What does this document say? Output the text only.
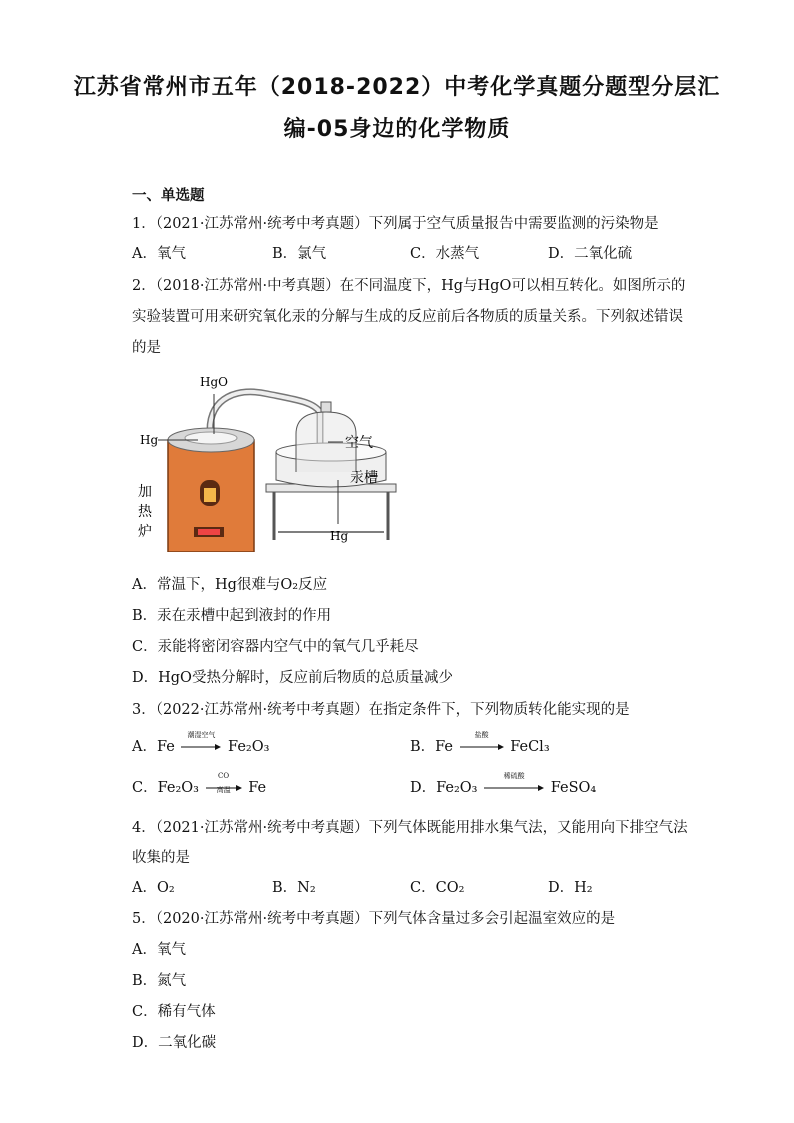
江苏省常州市五年（2018-2022）中考化学真题分题型分层汇
编-05身边的化学物质
一、单选题
1．（2021·江苏常州·统考中考真题）下列属于空气质量报告中需要监测的污染物是
A．氧气	B．氯气	C．水蒸气	D．二氧化硫
2．（2018·江苏常州·中考真题）在不同温度下，Hg与HgO可以相互转化。如图所示的
实验装置可用来研究氧化汞的分解与生成的反应前后各物质的质量关系。下列叙述错误
的是
HgO
Hg	空气
汞槽
Hg
加
热
炉
A．常温下，Hg很难与O₂反应
B．汞在汞槽中起到液封的作用
C．汞能将密闭容器内空气中的氧气几乎耗尽
D．HgO受热分解时，反应前后物质的总质量减少
3．（2022·江苏常州·统考中考真题）在指定条件下，下列物质转化能实现的是
A．Fe
潮湿空气
Fe₂O₃	B．Fe
盐酸
FeCl₃
C．Fe₂O₃
CO
高温	Fe	D．Fe₂O₃
稀硫酸
FeSO₄
4．（2021·江苏常州·统考中考真题）下列气体既能用排水集气法，又能用向下排空气法
收集的是
A．O₂	B．N₂	C．CO₂	D．H₂
5．（2020·江苏常州·统考中考真题）下列气体含量过多会引起温室效应的是
A．氧气
B．氮气
C．稀有气体
D．二氧化碳
